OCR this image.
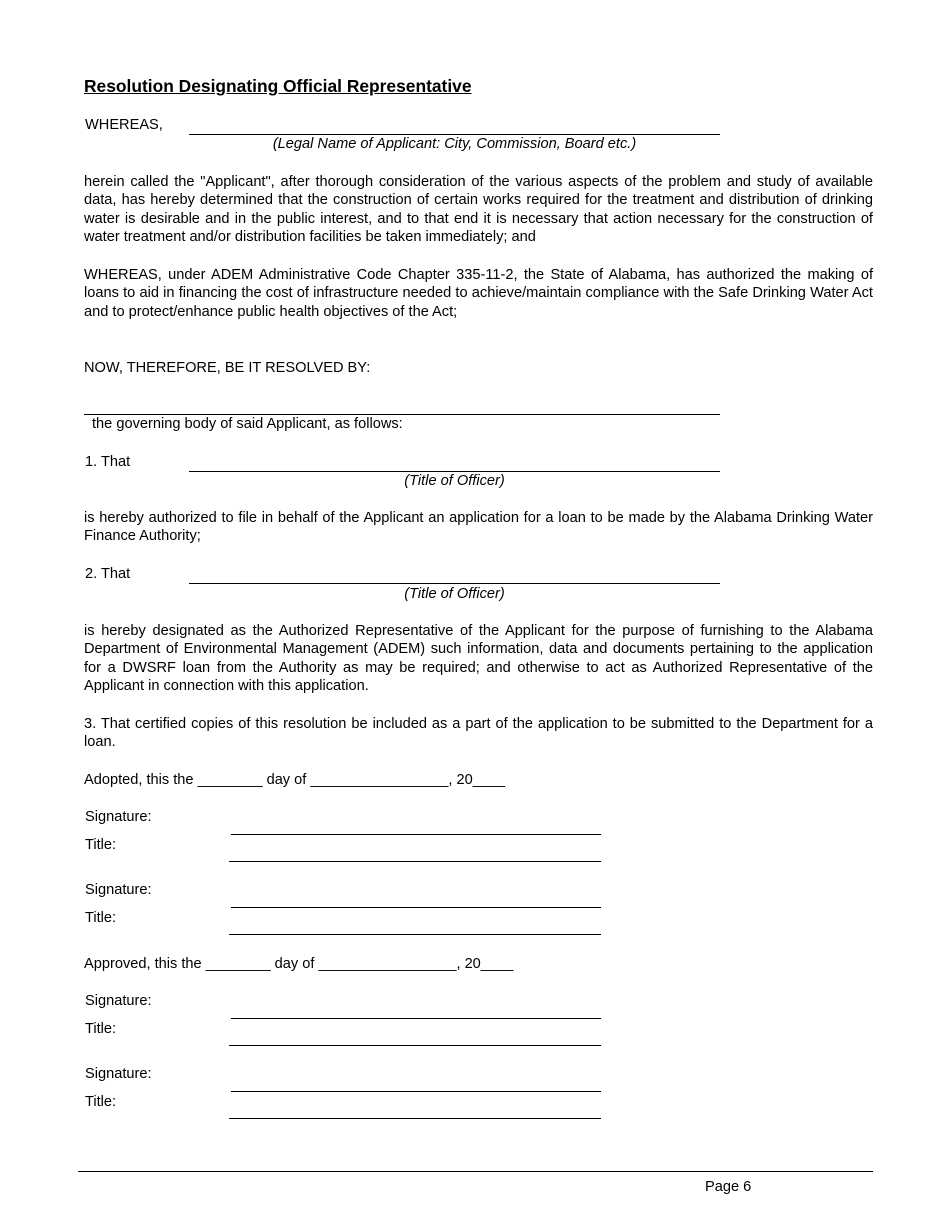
Resolution Designating Official Representative
WHEREAS,
(Legal Name of Applicant: City, Commission, Board etc.)
herein called the "Applicant", after thorough consideration of the various aspects of the problem and study of available data, has hereby determined that the construction of certain works required for the treatment and distribution of drinking water is desirable and in the public interest, and to that end it is necessary that action necessary for the construction of water treatment and/or distribution facilities be taken immediately; and
WHEREAS, under ADEM Administrative Code Chapter 335-11-2, the State of Alabama, has authorized the making of loans to aid in financing the cost of infrastructure needed to achieve/maintain compliance with the Safe Drinking Water Act and to protect/enhance public health objectives of the Act;
NOW, THEREFORE, BE IT RESOLVED BY:
the governing body of said Applicant, as follows:
1. That
(Title of Officer)
is hereby authorized to file in behalf of the Applicant an application for a loan to be made by the Alabama Drinking Water Finance Authority;
2. That
(Title of Officer)
is hereby designated as the Authorized Representative of the Applicant for the purpose of furnishing to the Alabama Department of Environmental Management (ADEM) such information, data and documents pertaining to the application for a DWSRF loan from the Authority as may be required; and otherwise to act as Authorized Representative of the Applicant in connection with this application.
3. That certified copies of this resolution be included as a part of the application to be submitted to the Department for a loan.
Adopted, this the ________ day of _________________, 20____
Signature:
Title:
Signature:
Title:
Approved, this the ________ day of _________________, 20____
Signature:
Title:
Signature:
Title:
Page 6
